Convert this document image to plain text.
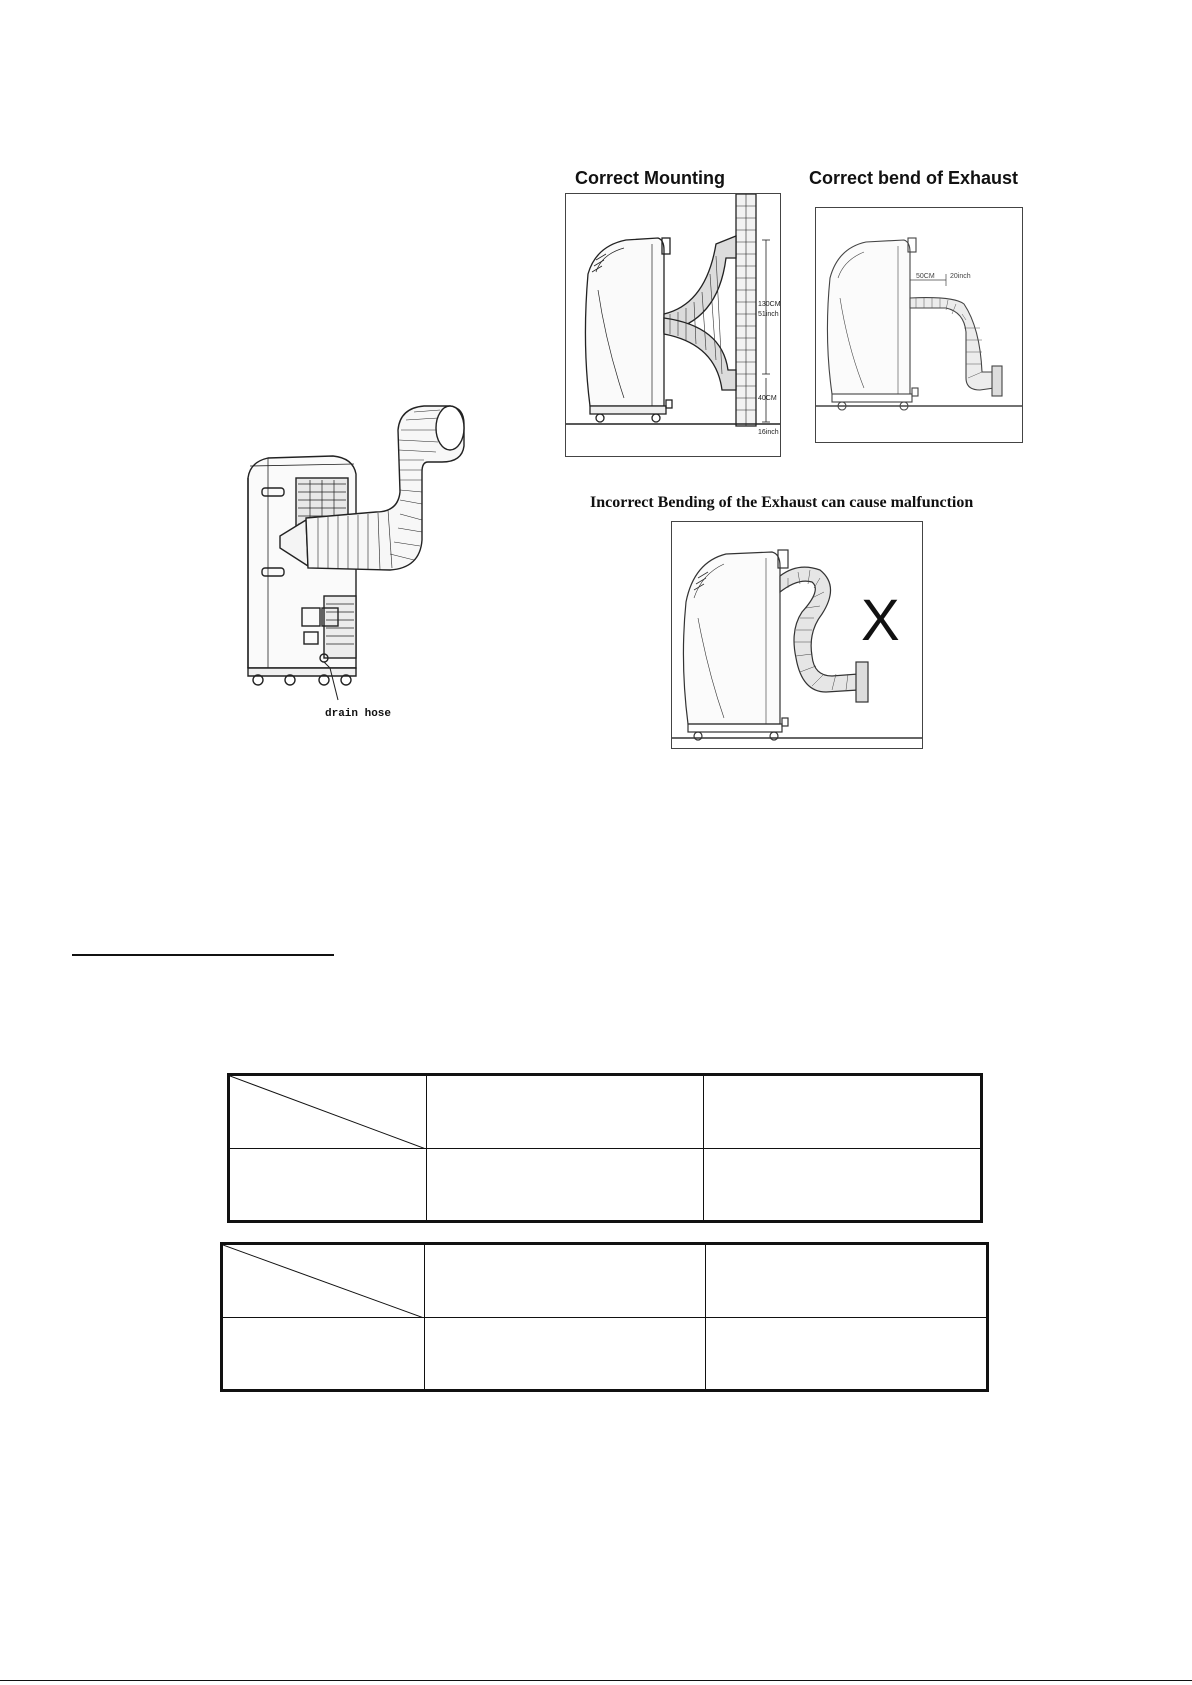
drain hose
Correct Mounting
130CM
51inch
40CM
16inch
Correct bend of Exhaust
50CM 20inch
Incorrect Bending of the Exhaust can cause malfunction
X
